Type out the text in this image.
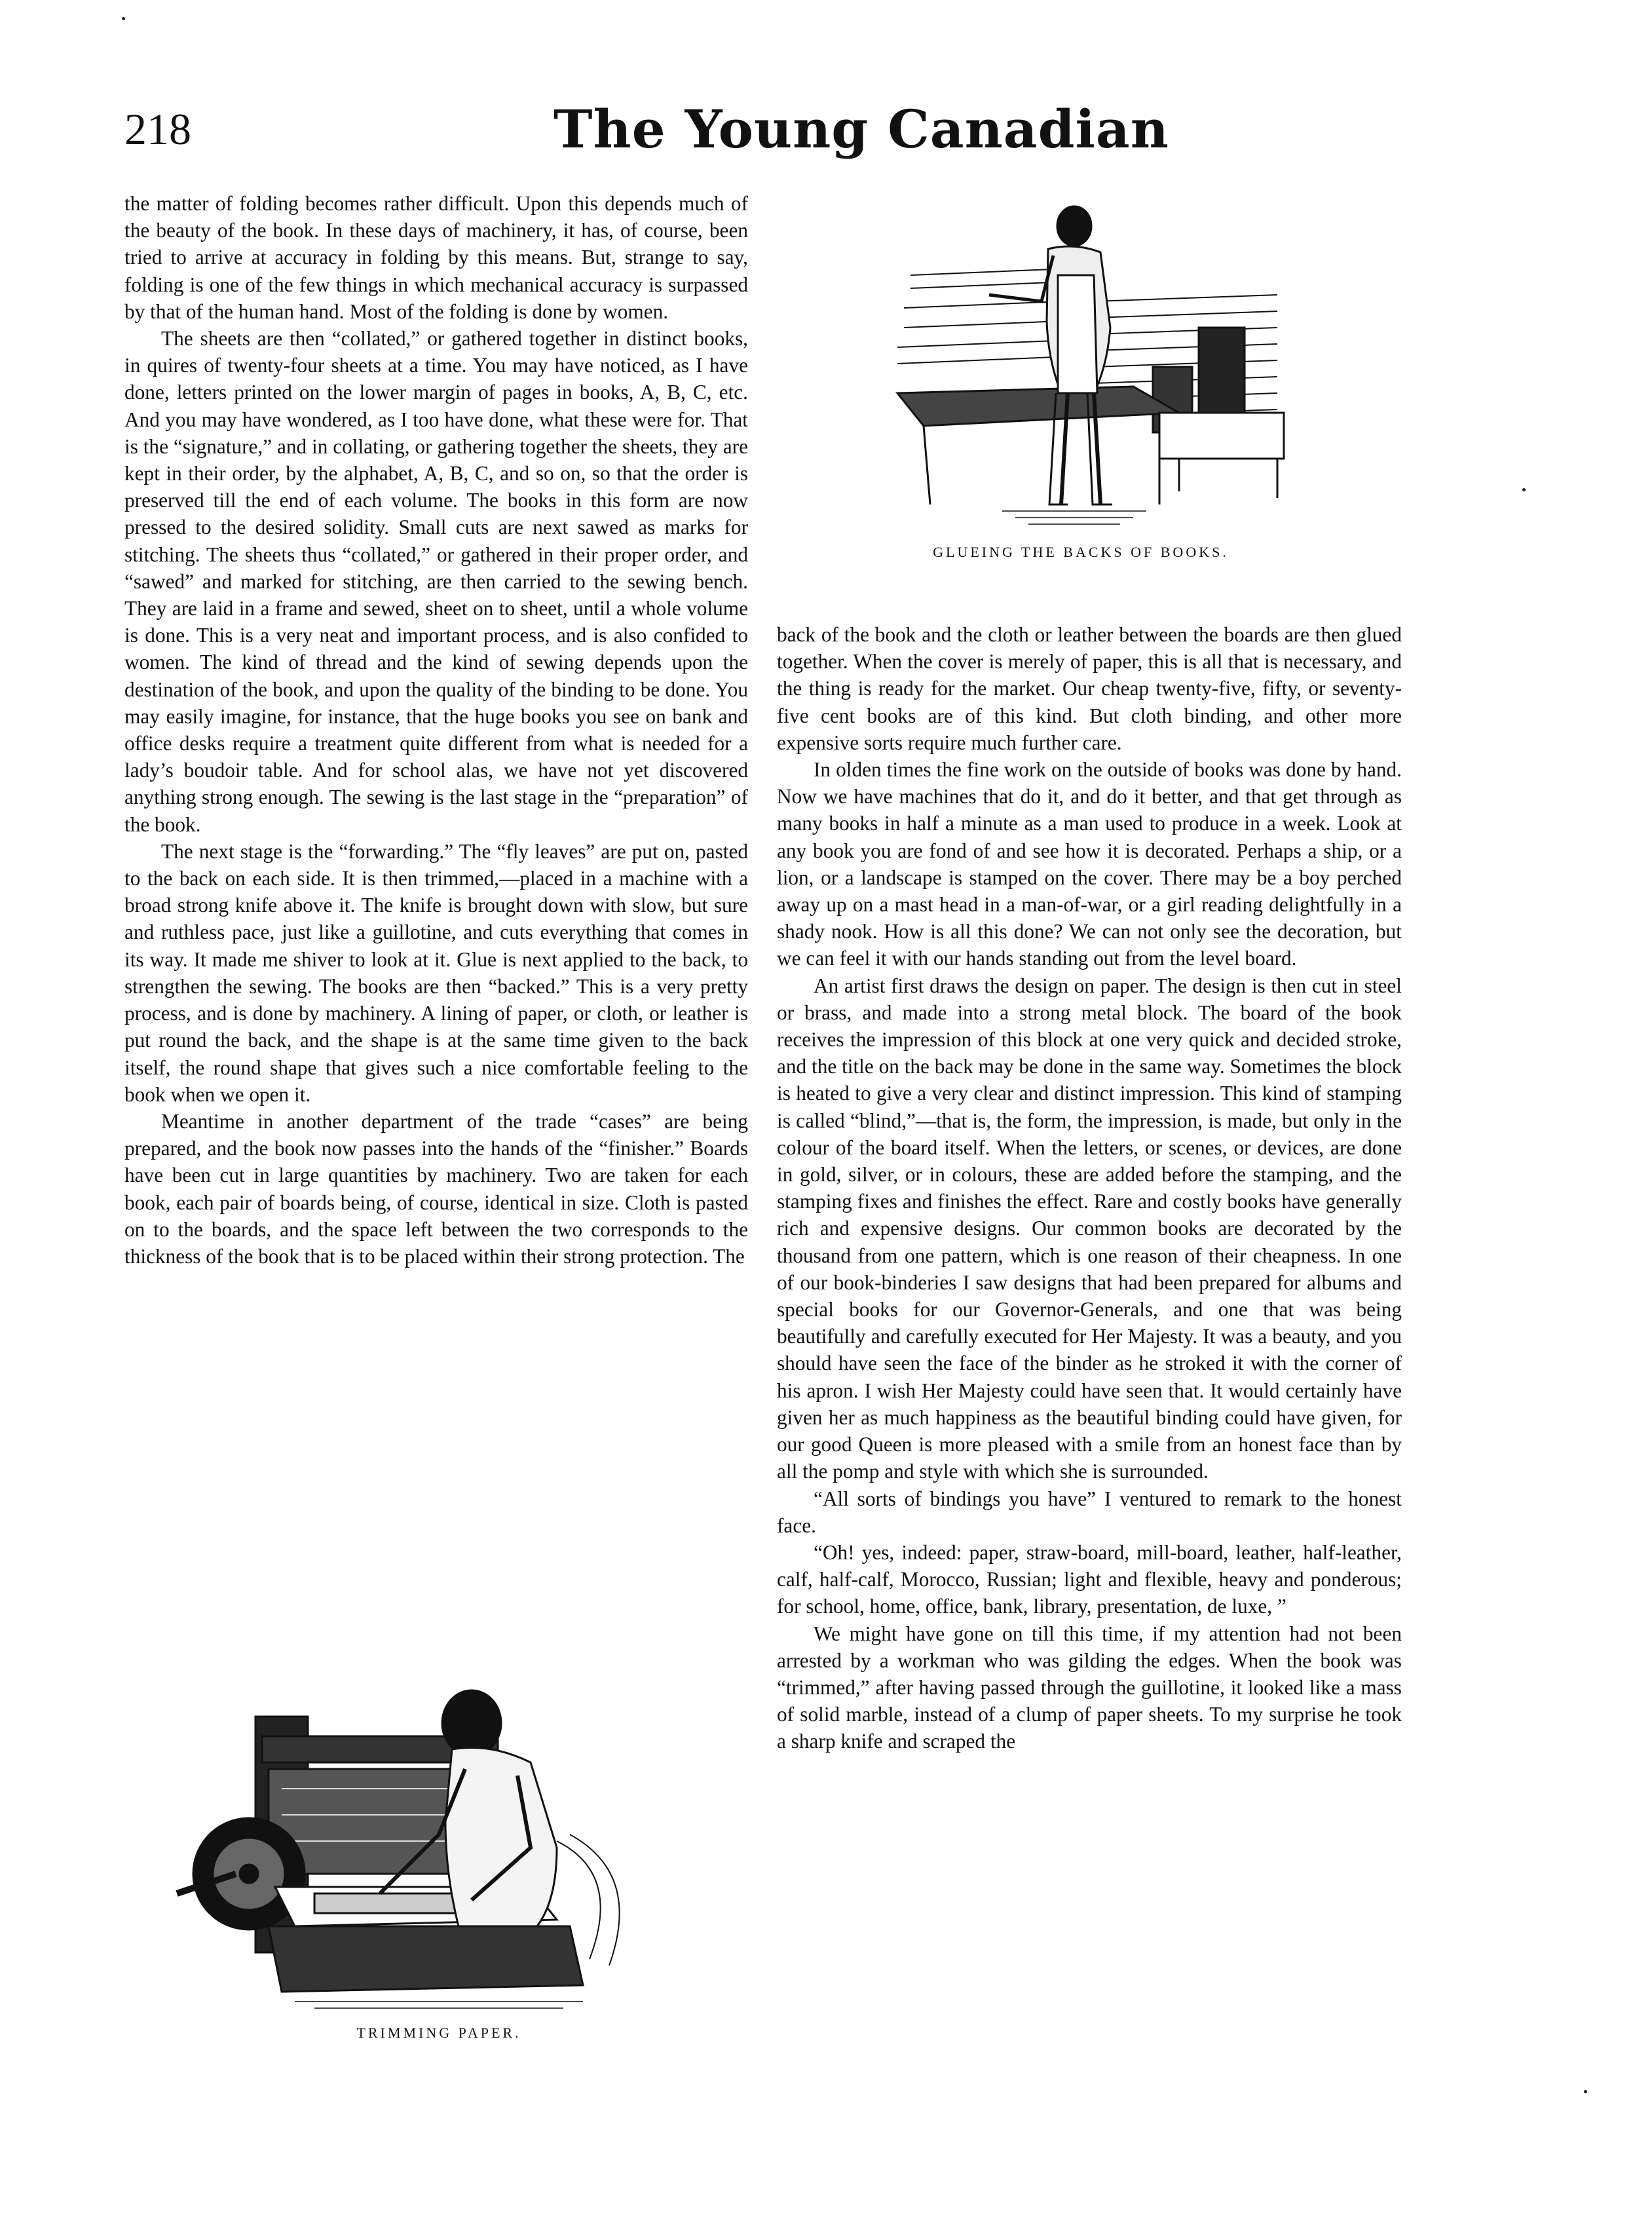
218	The Young Canadian
GLUEING THE BACKS OF BOOKS.

the matter of folding becomes rather difficult. Upon this depends much of the beauty of the book. In these days of machinery, it has, of course, been tried to arrive at accuracy in folding by this means. But, strange to say, folding is one of the few things in which mechanical accuracy is surpassed by that of the human hand. Most of the folding is done by women.

The sheets are then “collated,” or gathered together in distinct books, in quires of twenty-four sheets at a time. You may have noticed, as I have done, letters printed on the lower margin of pages in books, A, B, C, etc. And you may have wondered, as I too have done, what these were for. That is the “signature,” and in collating, or gathering together the sheets, they are kept in their order, by the alphabet, A, B, C, and so on, so that the order is preserved till the end of each volume. The books in this form are now pressed to the desired solidity. Small cuts are next sawed as marks for stitching. The sheets thus “collated,” or gathered in their proper order, and “sawed” and marked for stitching, are then carried to the sewing bench. They are laid in a frame and sewed, sheet on to sheet, until a whole volume is done. This is a very neat and important process, and is also confided to women. The kind of thread and the kind of sewing depends upon the destination of the book, and upon the quality of the binding to be done. You may easily imagine, for instance, that the huge books you see on bank and office desks require a treatment quite different from what is needed for a lady’s boudoir table. And for school alas, we have not yet discovered anything strong enough. The sewing is the last stage in the “preparation” of the book.

The next stage is the “forwarding.” The “fly leaves” are put on, pasted to the back on each side. It is then trimmed,—placed in a machine with a broad strong knife above it. The knife is brought down with slow, but sure and ruthless pace, just like a guillotine, and cuts everything that comes in its way. It made me shiver to look at it. Glue is next applied to the back, to strengthen the sewing. The books are then “backed.” This is a very pretty process, and is done by machinery. A lining of paper, or cloth, or leather is put round the back, and the shape is at the same time given to the back itself, the round shape that gives such a nice comfortable feeling to the book when we open it.

Meantime in another department of the trade “cases” are being prepared, and the book now passes into the hands of the “finisher.” Boards have been cut in large quantities by machinery. Two are taken for each book, each pair of boards being, of course, identical in size. Cloth is pasted on to the boards, and the space left between the two corresponds to the thickness of the book that is to be placed within their strong protection. The

TRIMMING PAPER.

back of the book and the cloth or leather between the boards are then glued together. When the cover is merely of paper, this is all that is necessary, and the thing is ready for the market. Our cheap twenty-five, fifty, or seventy-five cent books are of this kind. But cloth binding, and other more expensive sorts require much further care.

In olden times the fine work on the outside of books was done by hand. Now we have machines that do it, and do it better, and that get through as many books in half a minute as a man used to produce in a week. Look at any book you are fond of and see how it is decorated. Perhaps a ship, or a lion, or a landscape is stamped on the cover. There may be a boy perched away up on a mast head in a man-of-war, or a girl reading delightfully in a shady nook. How is all this done? We can not only see the decoration, but we can feel it with our hands standing out from the level board.

An artist first draws the design on paper. The design is then cut in steel or brass, and made into a strong metal block. The board of the book receives the impression of this block at one very quick and decided stroke, and the title on the back may be done in the same way. Sometimes the block is heated to give a very clear and distinct impression. This kind of stamping is called “blind,”—that is, the form, the impression, is made, but only in the colour of the board itself. When the letters, or scenes, or devices, are done in gold, silver, or in colours, these are added before the stamping, and the stamping fixes and finishes the effect. Rare and costly books have generally rich and expensive designs. Our common books are decorated by the thousand from one pattern, which is one reason of their cheapness. In one of our book-binderies I saw designs that had been prepared for albums and special books for our Governor-Generals, and one that was being beautifully and carefully executed for Her Majesty. It was a beauty, and you should have seen the face of the binder as he stroked it with the corner of his apron. I wish Her Majesty could have seen that. It would certainly have given her as much happiness as the beautiful binding could have given, for our good Queen is more pleased with a smile from an honest face than by all the pomp and style with which she is surrounded.

“All sorts of bindings you have” I ventured to remark to the honest face.

“Oh! yes, indeed: paper, straw-board, mill-board, leather, half-leather, calf, half-calf, Morocco, Russian; light and flexible, heavy and ponderous; for school, home, office, bank, library, presentation, de luxe, ”

We might have gone on till this time, if my attention had not been arrested by a workman who was gilding the edges. When the book was “trimmed,” after having passed through the guillotine, it looked like a mass of solid marble, instead of a clump of paper sheets. To my surprise he took a sharp knife and scraped the
